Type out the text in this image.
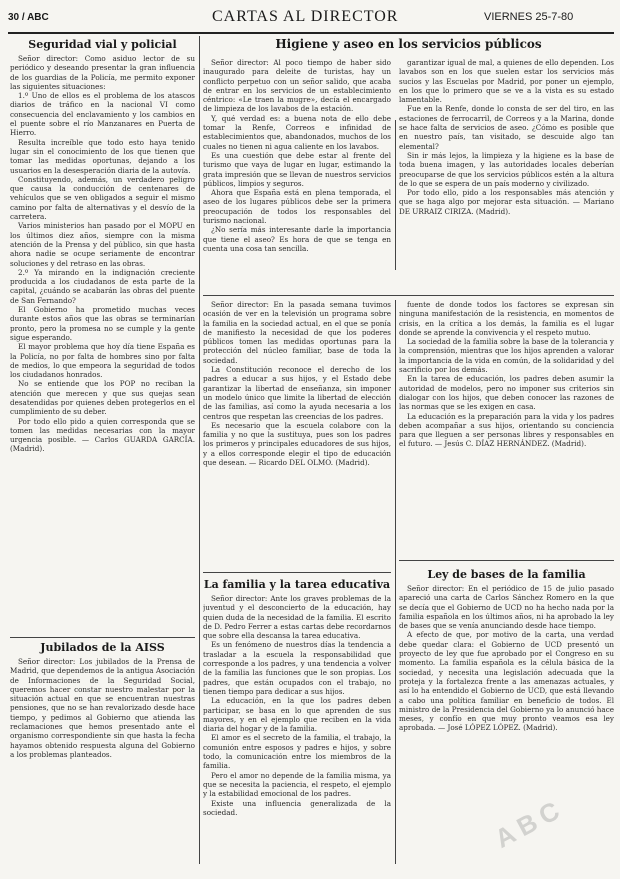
30 / ABC	CARTAS AL DIRECTOR	VIERNES 25-7-80
Seguridad vial y policial

Señor director: Como asiduo lector de su periódico y deseando presentar la gran influencia de los guardias de la Policía, me permito exponer las siguientes situaciones:

1.º Uno de ellos es el problema de los atascos diarios de tráfico en la nacional VI como consecuencia del enclavamiento y los cambios en el puente sobre el río Manzanares en Puerta de Hierro.

Resulta increíble que todo esto haya tenido lugar sin el conocimiento de los que tienen que tomar las medidas oportunas, dejando a los usuarios en la desesperación diaria de la autovía.

Constituyendo, además, un verdadero peligro que causa la conducción de centenares de vehículos que se ven obligados a seguir el mismo camino por falta de alternativas y el desvío de la carretera.

Varios ministerios han pasado por el MOPU en los últimos diez años, siempre con la misma atención de la Prensa y del público, sin que hasta ahora nadie se ocupe seriamente de encontrar soluciones y del retraso en las obras.

2.º Ya mirando en la indignación creciente producida a los ciudadanos de esta parte de la capital, ¿cuándo se acabarán las obras del puente de San Fernando?

El Gobierno ha prometido muchas veces durante estos años que las obras se terminarían pronto, pero la promesa no se cumple y la gente sigue esperando.

El mayor problema que hoy día tiene España es la Policía, no por falta de hombres sino por falta de medios, lo que empeora la seguridad de todos los ciudadanos honrados.

No se entiende que los POP no reciban la atención que merecen y que sus quejas sean desatendidas por quienes deben protegerlos en el cumplimiento de su deber.

Por todo ello pido a quien corresponda que se tomen las medidas necesarias con la mayor urgencia posible. — Carlos GUARDA GARCÍA. (Madrid).

Jubilados de la AISS

Señor director: Los jubilados de la Prensa de Madrid, que dependemos de la antigua Asociación de Informaciones de la Seguridad Social, queremos hacer constar nuestro malestar por la situación actual en que se encuentran nuestras pensiones, que no se han revalorizado desde hace tiempo, y pedimos al Gobierno que atienda las reclamaciones que hemos presentado ante el organismo correspondiente sin que hasta la fecha hayamos obtenido respuesta alguna del Gobierno a los problemas planteados.

Higiene y aseo en los servicios públicos

Señor director: Al poco tiempo de haber sido inaugurado para deleite de turistas, hay un conflicto perpetuo con un señor salido, que acaba de entrar en los servicios de un establecimiento céntrico: «Le traen la mugre», decía el encargado de limpieza de los lavabos de la estación.

Y, qué verdad es: a buena nota de ello debe tomar la Renfe, Correos e infinidad de establecimientos que, abandonados, muchos de los cuales no tienen ni agua caliente en los lavabos.

Es una cuestión que debe estar al frente del turismo que vaya de lugar en lugar, estimando la grata impresión que se llevan de nuestros servicios públicos, limpios y seguros.

Ahora que España está en plena temporada, el aseo de los lugares públicos debe ser la primera preocupación de todos los responsables del turismo nacional.

¿No sería más interesante darle la importancia que tiene el aseo? Es hora de que se tenga en cuenta una cosa tan sencilla.

garantizar igual de mal, a quienes de ello dependen. Los lavabos son en los que suelen estar los servicios más sucios y las Escuelas por Madrid, por poner un ejemplo, en los que lo primero que se ve a la vista es su estado lamentable.

Fue en la Renfe, donde lo consta de ser del tiro, en las estaciones de ferrocarril, de Correos y a la Marina, donde se hace falta de servicios de aseo. ¿Cómo es posible que en nuestro país, tan visitado, se descuide algo tan elemental?

Sin ir más lejos, la limpieza y la higiene es la base de toda buena imagen, y las autoridades locales deberían preocuparse de que los servicios públicos estén a la altura de lo que se espera de un país moderno y civilizado.

Por todo ello, pido a los responsables más atención y que se haga algo por mejorar esta situación. — Mariano DE URRAIZ CIRIZA. (Madrid).

Señor director: En la pasada semana tuvimos ocasión de ver en la televisión un programa sobre la familia en la sociedad actual, en el que se ponía de manifiesto la necesidad de que los poderes públicos tomen las medidas oportunas para la protección del núcleo familiar, base de toda la sociedad.

La Constitución reconoce el derecho de los padres a educar a sus hijos, y el Estado debe garantizar la libertad de enseñanza, sin imponer un modelo único que limite la libertad de elección de las familias, así como la ayuda necesaria a los centros que respetan las creencias de los padres.

Es necesario que la escuela colabore con la familia y no que la sustituya, pues son los padres los primeros y principales educadores de sus hijos, y a ellos corresponde elegir el tipo de educación que desean. — Ricardo DEL OLMO. (Madrid).

fuente de donde todos los factores se expresan sin ninguna manifestación de la resistencia, en momentos de crisis, en la crítica a los demás, la familia es el lugar donde se aprende la convivencia y el respeto mutuo.

La sociedad de la familia sobre la base de la tolerancia y la comprensión, mientras que los hijos aprenden a valorar la importancia de la vida en común, de la solidaridad y del sacrificio por los demás.

En la tarea de educación, los padres deben asumir la autoridad de modelos, pero no imponer sus criterios sin dialogar con los hijos, que deben conocer las razones de las normas que se les exigen en casa.

La educación es la preparación para la vida y los padres deben acompañar a sus hijos, orientando su conciencia para que lleguen a ser personas libres y responsables en el futuro. — Jesús C. DÍAZ HERNÁNDEZ. (Madrid).

La familia y la tarea educativa

Señor director: Ante los graves problemas de la juventud y el desconcierto de la educación, hay quien duda de la necesidad de la familia. El escrito de D. Pedro Ferrer a estas cartas debe recordarnos que sobre ella descansa la tarea educativa.

Es un fenómeno de nuestros días la tendencia a trasladar a la escuela la responsabilidad que corresponde a los padres, y una tendencia a volver de la familia las funciones que le son propias. Los padres, que están ocupados con el trabajo, no tienen tiempo para dedicar a sus hijos.

La educación, en la que los padres deben participar, se basa en lo que aprenden de sus mayores, y en el ejemplo que reciben en la vida diaria del hogar y de la familia.

El amor es el secreto de la familia, el trabajo, la comunión entre esposos y padres e hijos, y sobre todo, la comunicación entre los miembros de la familia.

Pero el amor no depende de la familia misma, ya que se necesita la paciencia, el respeto, el ejemplo y la estabilidad emocional de los padres.

Existe una influencia generalizada de la sociedad.

Ley de bases de la familia

Señor director: En el periódico de 15 de julio pasado apareció una carta de Carlos Sánchez Romero en la que se decía que el Gobierno de UCD no ha hecho nada por la familia española en los últimos años, ni ha aprobado la ley de bases que se venía anunciando desde hace tiempo.

A efecto de que, por motivo de la carta, una verdad debe quedar clara: el Gobierno de UCD presentó un proyecto de ley que fue aprobado por el Congreso en su momento. La familia española es la célula básica de la sociedad, y necesita una legislación adecuada que la proteja y la fortalezca frente a las amenazas actuales, y así lo ha entendido el Gobierno de UCD, que está llevando a cabo una política familiar en beneficio de todos. El ministro de la Presidencia del Gobierno ya lo anunció hace meses, y confío en que muy pronto veamos esa ley aprobada. — José LÓPEZ LÓPEZ. (Madrid).

ABC
